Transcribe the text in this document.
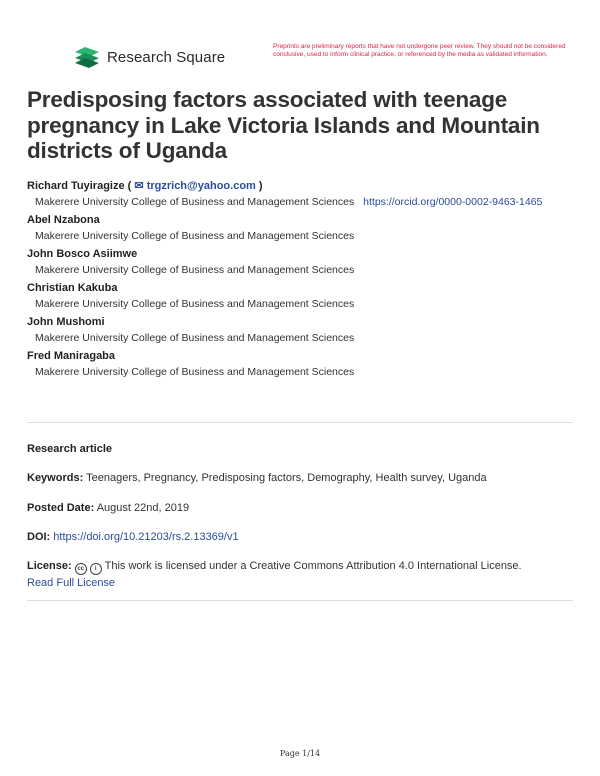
Research Square
Preprints are preliminary reports that have not undergone peer review. They should not be considered conclusive, used to inform clinical practice, or referenced by the media as validated information.
Predisposing factors associated with teenage pregnancy in Lake Victoria Islands and Mountain districts of Uganda
Richard Tuyiragize ( ✉ trgzrich@yahoo.com )
Makerere University College of Business and Management Sciences https://orcid.org/0000-0002-9463-1465
Abel Nzabona
Makerere University College of Business and Management Sciences
John Bosco Asiimwe
Makerere University College of Business and Management Sciences
Christian Kakuba
Makerere University College of Business and Management Sciences
John Mushomi
Makerere University College of Business and Management Sciences
Fred Maniragaba
Makerere University College of Business and Management Sciences
Research article
Keywords: Teenagers, Pregnancy, Predisposing factors, Demography, Health survey, Uganda
Posted Date: August 22nd, 2019
DOI: https://doi.org/10.21203/rs.2.13369/v1
License: cc i This work is licensed under a Creative Commons Attribution 4.0 International License.
Read Full License
Page 1/14
